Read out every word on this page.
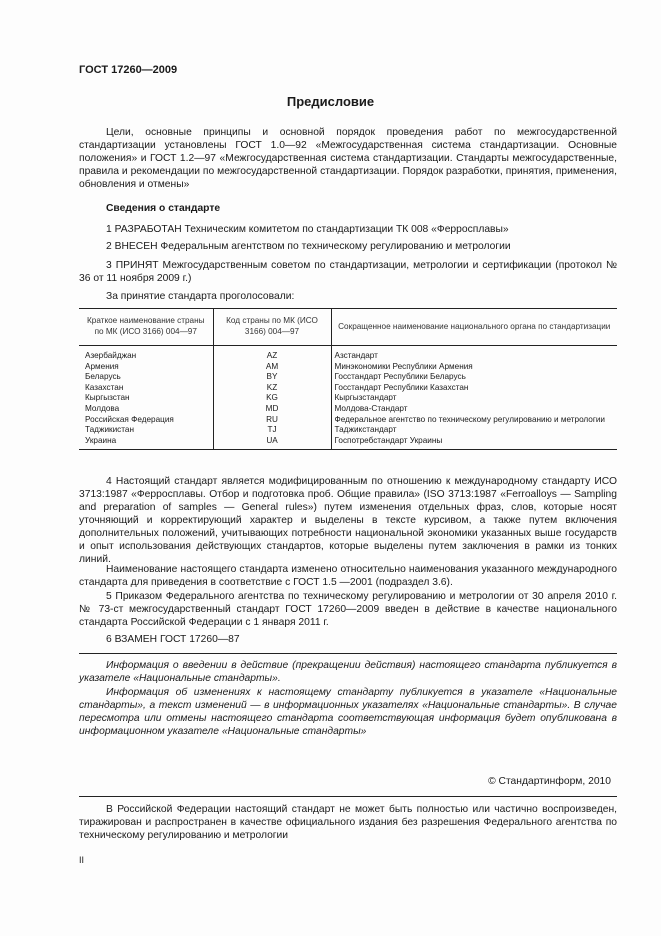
ГОСТ 17260—2009
Предисловие
Цели, основные принципы и основной порядок проведения работ по межгосударственной стандартизации установлены ГОСТ 1.0—92 «Межгосударственная система стандартизации. Основные положения» и ГОСТ 1.2—97 «Межгосударственная система стандартизации. Стандарты межгосударственные, правила и рекомендации по межгосударственной стандартизации. Порядок разработки, принятия, применения, обновления и отмены»
Сведения о стандарте
1 РАЗРАБОТАН Техническим комитетом по стандартизации ТК 008 «Ферросплавы»
2 ВНЕСЕН Федеральным агентством по техническому регулированию и метрологии
3 ПРИНЯТ Межгосударственным советом по стандартизации, метрологии и сертификации (протокол № 36 от 11 ноября 2009 г.)
За принятие стандарта проголосовали:
Краткое наименование страны по МК (ИСО 3166) 004—97	Код страны по МК (ИСО 3166) 004—97	Сокращенное наименование национального органа по стандартизации

Азербайджан	AZ	Азстандарт
Армения	AM	Минэкономики Республики Армения
Беларусь	BY	Госстандарт Республики Беларусь
Казахстан	KZ	Госстандарт Республики Казахстан
Кыргызстан	KG	Кыргызстандарт
Молдова	MD	Молдова-Стандарт
Российская Федерация	RU	Федеральное агентство по техническому регулированию и метрологии
Таджикистан	TJ	Таджикстандарт
Украина	UA	Госпотребстандарт Украины
4 Настоящий стандарт является модифицированным по отношению к международному стандарту ИСО 3713:1987 «Ферросплавы. Отбор и подготовка проб. Общие правила» (ISO 3713:1987 «Ferroalloys — Sampling and preparation of samples — General rules») путем изменения отдельных фраз, слов, которые носят уточняющий и корректирующий характер и выделены в тексте курсивом, а также путем включения дополнительных положений, учитывающих потребности национальной экономики указанных выше государств и опыт использования действующих стандартов, которые выделены путем заключения в рамки из тонких линий.
Наименование настоящего стандарта изменено относительно наименования указанного международного стандарта для приведения в соответствие с ГОСТ 1.5 —2001 (подраздел 3.6).
5 Приказом Федерального агентства по техническому регулированию и метрологии от 30 апреля 2010 г. № 73-ст межгосударственный стандарт ГОСТ 17260—2009 введен в действие в качестве национального стандарта Российской Федерации с 1 января 2011 г.
6 ВЗАМЕН ГОСТ 17260—87
Информация о введении в действие (прекращении действия) настоящего стандарта публикуется в указателе «Национальные стандарты».
Информация об изменениях к настоящему стандарту публикуется в указателе «Национальные стандарты», а текст изменений — в информационных указателях «Национальные стандарты». В случае пересмотра или отмены настоящего стандарта соответствующая информация будет опубликована в информационном указателе «Национальные стандарты»
© Стандартинформ, 2010
В Российской Федерации настоящий стандарт не может быть полностью или частично воспроизведен, тиражирован и распространен в качестве официального издания без разрешения Федерального агентства по техническому регулированию и метрологии
II
